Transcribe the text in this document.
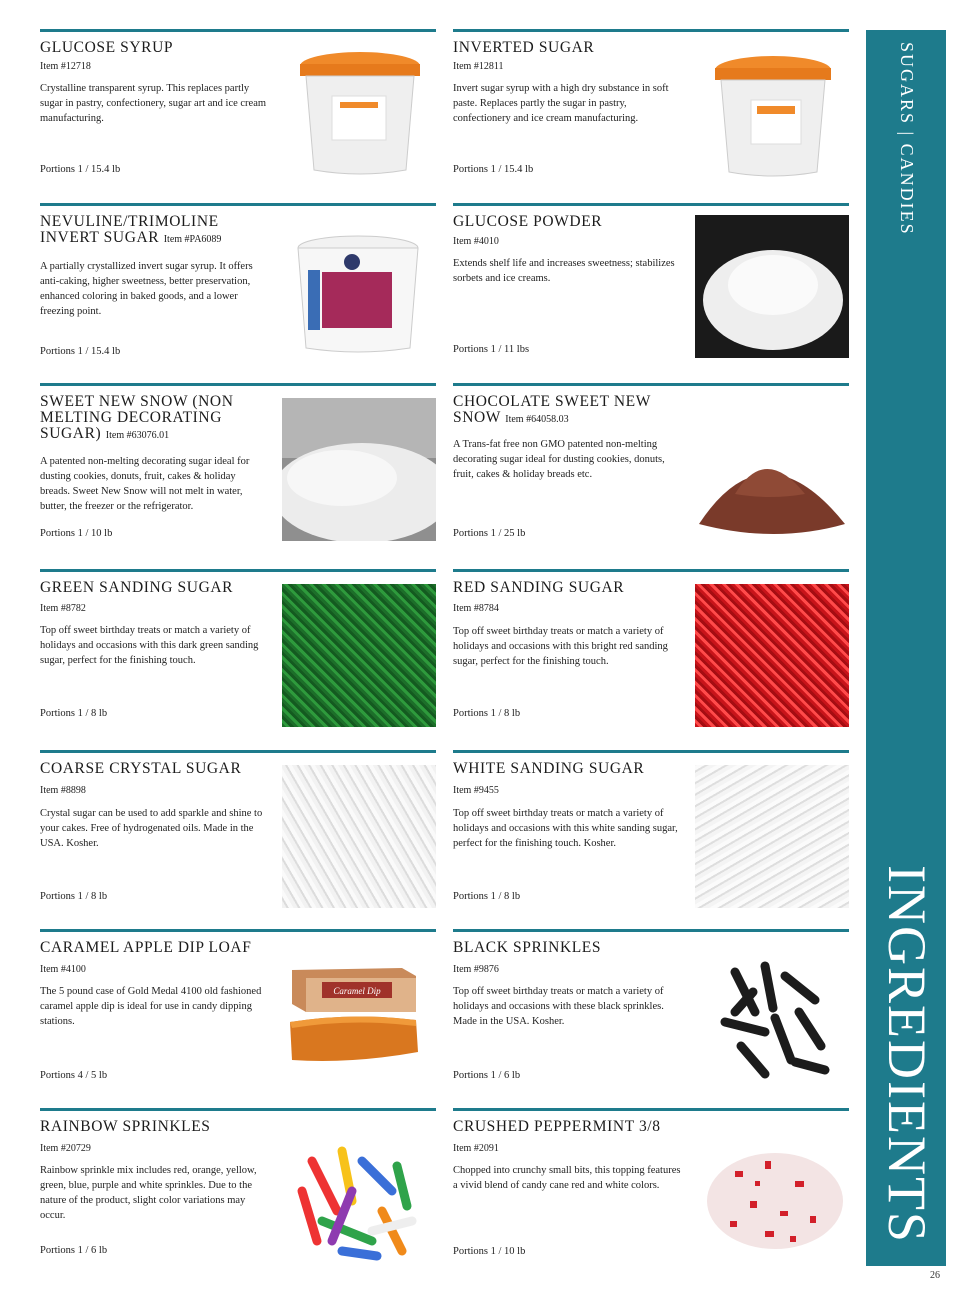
GLUCOSE SYRUP
Item #12718
Crystalline transparent syrup. This replaces partly sugar in pastry, confectionery, sugar art and ice cream manufacturing.
Portions 1 / 15.4 lb
NEVULINE/TRIMOLINE INVERT SUGAR Item #PA6089
A partially crystallized invert sugar syrup. It offers anti-caking, higher sweetness, better preservation, enhanced coloring in baked goods, and a lower freezing point.
Portions 1 / 15.4 lb
SWEET NEW SNOW (NON MELTING DECORATING SUGAR) Item #63076.01
A patented non-melting decorating sugar ideal for dusting cookies, donuts, fruit, cakes & holiday breads. Sweet New Snow will not melt in water, butter, the freezer or the refrigerator.
Portions 1 / 10 lb
GREEN SANDING SUGAR
Item #8782
Top off sweet birthday treats or match a variety of holidays and occasions with this dark green sanding sugar, perfect for the finishing touch.
Portions 1 / 8 lb
COARSE CRYSTAL SUGAR
Item #8898
Crystal sugar can be used to add sparkle and shine to your cakes. Free of hydrogenated oils. Made in the USA. Kosher.
Portions 1 / 8 lb
CARAMEL APPLE DIP LOAF
Item #4100
The 5 pound case of Gold Medal 4100 old fashioned caramel apple dip is ideal for use in candy dipping stations.
Portions 4 / 5 lb
Caramel Dip
RAINBOW SPRINKLES
Item #20729
Rainbow sprinkle mix includes red, orange, yellow, green, blue, purple and white sprinkles. Due to the nature of the product, slight color variations may occur.
Portions 1 / 6 lb
INVERTED SUGAR
Item #12811
Invert sugar syrup with a high dry substance in soft paste. Replaces partly the sugar in pastry, confectionery and ice cream manufacturing.
Portions 1 / 15.4 lb
GLUCOSE POWDER
Item #4010
Extends shelf life and increases sweetness; stabilizes sorbets and ice creams.
Portions 1 / 11 lbs
CHOCOLATE SWEET NEW SNOW Item #64058.03
A Trans-fat free non GMO patented non-melting decorating sugar ideal for dusting cookies, donuts, fruit, cakes & holiday breads etc.
Portions 1 / 25 lb
RED SANDING SUGAR
Item #8784
Top off sweet birthday treats or match a variety of holidays and occasions with this bright red sanding sugar, perfect for the finishing touch.
Portions 1 / 8 lb
WHITE SANDING SUGAR
Item #9455
Top off sweet birthday treats or match a variety of holidays and occasions with this white sanding sugar, perfect for the finishing touch. Kosher.
Portions 1 / 8 lb
BLACK SPRINKLES
Item #9876
Top off sweet birthday treats or match a variety of holidays and occasions with these black sprinkles. Made in the USA. Kosher.
Portions 1 / 6 lb
CRUSHED PEPPERMINT 3/8
Item #2091
Chopped into crunchy small bits, this topping features a vivid blend of candy cane red and white colors.
Portions 1 / 10 lb
SUGARS | CANDIES
INGREDIENTS
26
